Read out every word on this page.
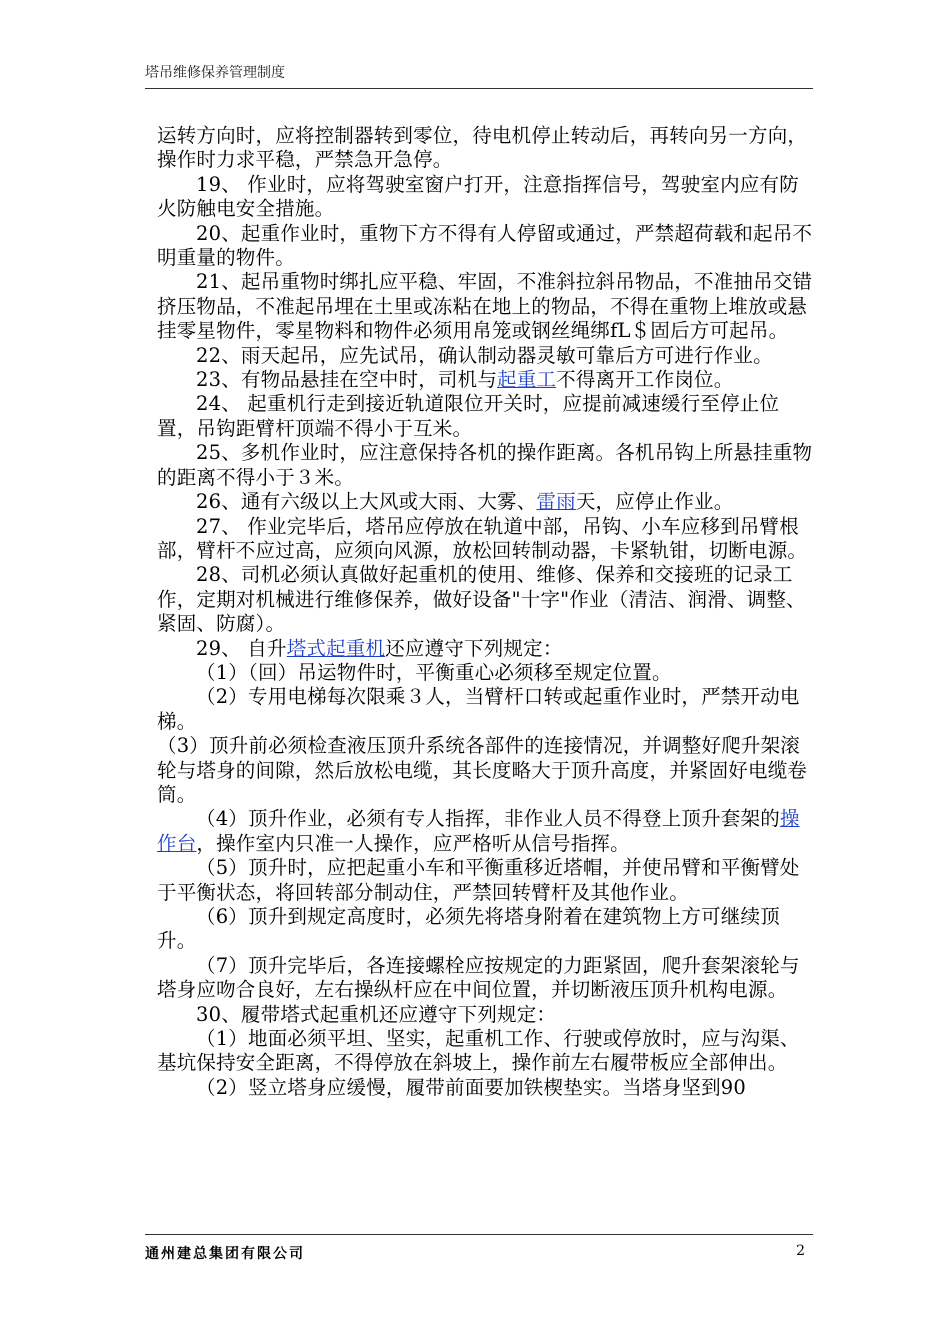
塔吊维修保养管理制度

运转方向时，应将控制器转到零位，待电机停止转动后，再转向另一方向，操作时力求平稳，严禁急开急停。

19、 作业时，应将驾驶室窗户打开，注意指挥信号，驾驶室内应有防火防触电安全措施。

20、起重作业时，重物下方不得有人停留或通过，严禁超荷载和起吊不明重量的物件。

21、起吊重物时绑扎应平稳、牢固，不准斜拉斜吊物品，不准抽吊交错挤压物品，不准起吊埋在土里或冻粘在地上的物品，不得在重物上堆放或悬挂零星物件，零星物料和物件必须用帛笼或钢丝绳绑fL＄固后方可起吊。

22、雨天起吊，应先试吊，确认制动器灵敏可靠后方可进行作业。

23、有物品悬挂在空中时，司机与起重工不得离开工作岗位。

24、 起重机行走到接近轨道限位开关时，应提前减速缓行至停止位置，吊钩距臂杆顶端不得小于互米。

25、多机作业时，应注意保持各机的操作距离。各机吊钩上所悬挂重物的距离不得小于３米。

26、通有六级以上大风或大雨、大雾、雷雨天，应停止作业。

27、 作业完毕后，塔吊应停放在轨道中部，吊钩、小车应移到吊臂根部，臂杆不应过高，应须向风源，放松回转制动器，卡紧轨钳，切断电源。

28、司机必须认真做好起重机的使用、维修、保养和交接班的记录工作，定期对机械进行维修保养，做好设备"十字"作业（清洁、润滑、调整、紧固、防腐）。

29、 自升塔式起重机还应遵守下列规定：

（1）（回）吊运物件时，平衡重心必须移至规定位置。

（2）专用电梯每次限乘３人，当臂杆口转或起重作业时，严禁开动电梯。

（3）顶升前必须检查液压顶升系统各部件的连接情况，并调整好爬升架滚轮与塔身的间隙，然后放松电缆，其长度略大于顶升高度，并紧固好电缆卷筒。

（4）顶升作业，必须有专人指挥，非作业人员不得登上顶升套架的操作台，操作室内只准一人操作，应严格听从信号指挥。

（5）顶升时，应把起重小车和平衡重移近塔帽，并使吊臂和平衡臂处于平衡状态，将回转部分制动住，严禁回转臂杆及其他作业。

（6）顶升到规定高度时，必须先将塔身附着在建筑物上方可继续顶升。

（7）顶升完毕后，各连接螺栓应按规定的力距紧固，爬升套架滚轮与塔身应吻合良好，左右操纵杆应在中间位置，并切断液压顶升机构电源。

30、履带塔式起重机还应遵守下列规定：

（1）地面必须平坦、坚实，起重机工作、行驶或停放时，应与沟渠、基坑保持安全距离，不得停放在斜坡上，操作前左右履带板应全部伸出。

（2）竖立塔身应缓慢，履带前面要加铁楔垫实。当塔身坚到90

通州建总集团有限公司	2
